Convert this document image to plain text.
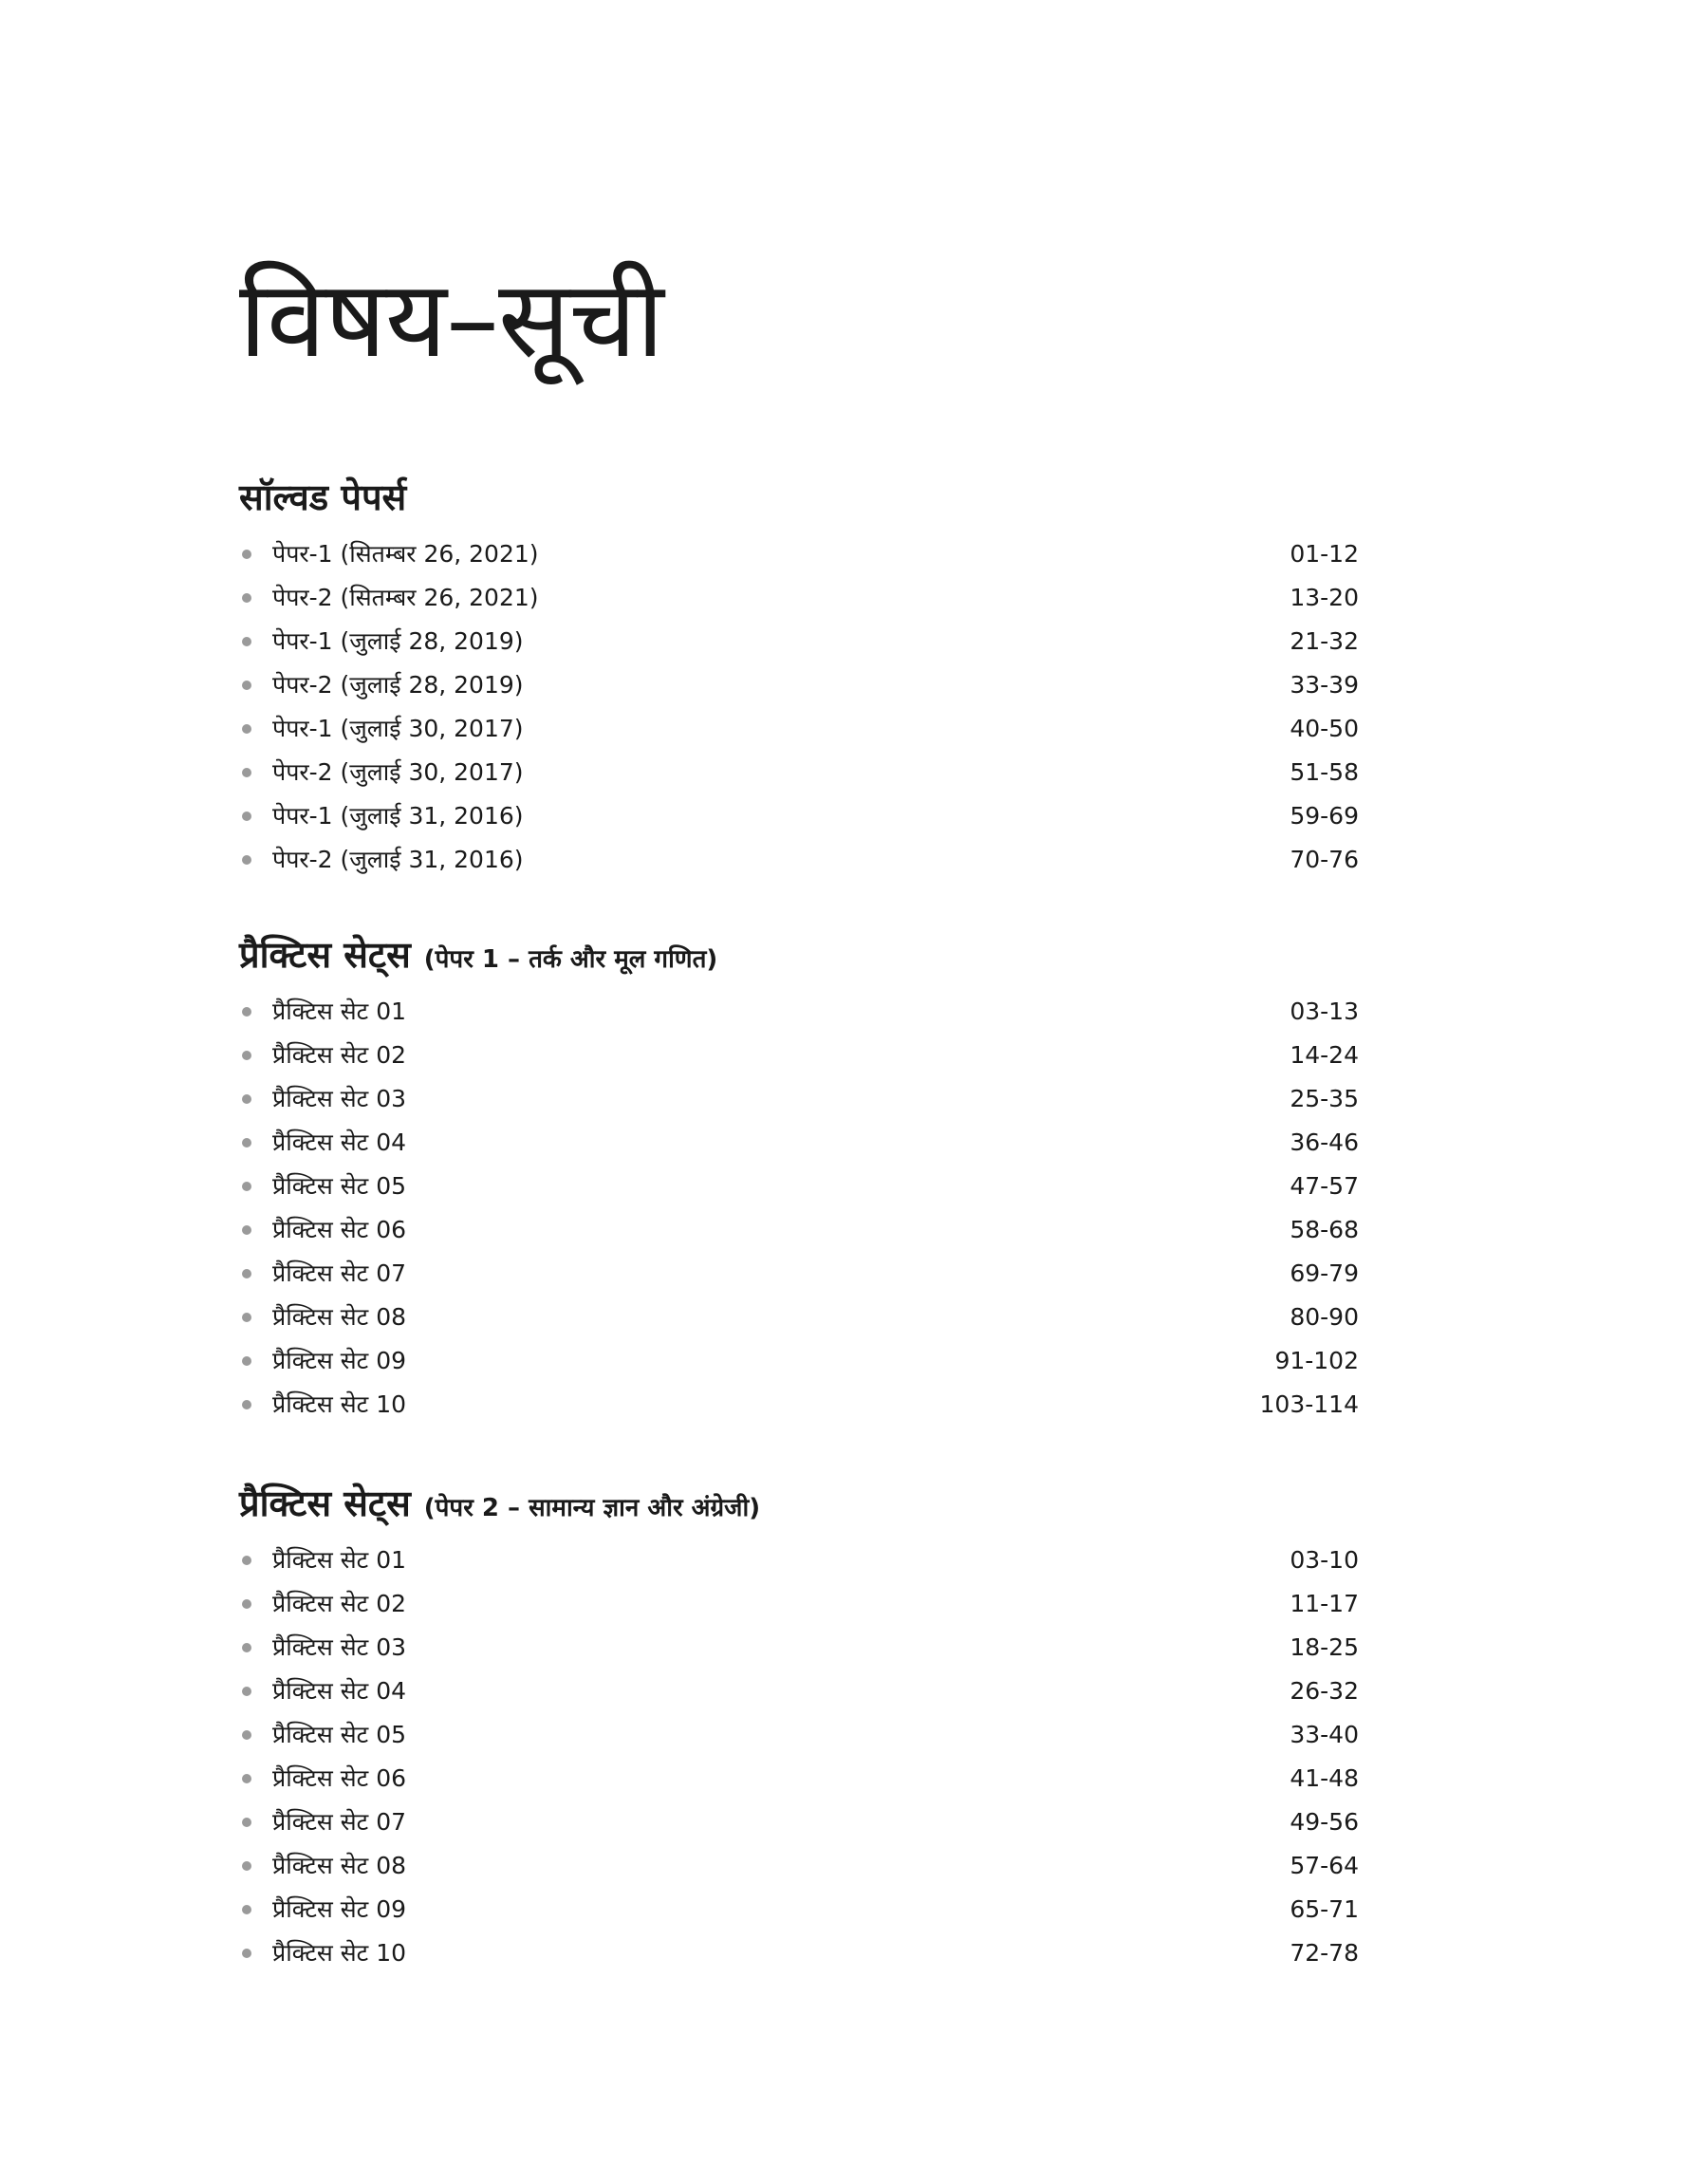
विषय–सूची
सॉल्वड पेपर्स
पेपर-1 (सितम्बर 26, 2021)	01-12
पेपर-2 (सितम्बर 26, 2021)	13-20
पेपर-1 (जुलाई 28, 2019)	21-32
पेपर-2 (जुलाई 28, 2019)	33-39
पेपर-1 (जुलाई 30, 2017)	40-50
पेपर-2 (जुलाई 30, 2017)	51-58
पेपर-1 (जुलाई 31, 2016)	59-69
पेपर-2 (जुलाई 31, 2016)	70-76
प्रैक्टिस सेट्स (पेपर 1 – तर्क और मूल गणित)
प्रैक्टिस सेट 01	03-13
प्रैक्टिस सेट 02	14-24
प्रैक्टिस सेट 03	25-35
प्रैक्टिस सेट 04	36-46
प्रैक्टिस सेट 05	47-57
प्रैक्टिस सेट 06	58-68
प्रैक्टिस सेट 07	69-79
प्रैक्टिस सेट 08	80-90
प्रैक्टिस सेट 09	91-102
प्रैक्टिस सेट 10	103-114
प्रैक्टिस सेट्स (पेपर 2 – सामान्य ज्ञान और अंग्रेजी)
प्रैक्टिस सेट 01	03-10
प्रैक्टिस सेट 02	11-17
प्रैक्टिस सेट 03	18-25
प्रैक्टिस सेट 04	26-32
प्रैक्टिस सेट 05	33-40
प्रैक्टिस सेट 06	41-48
प्रैक्टिस सेट 07	49-56
प्रैक्टिस सेट 08	57-64
प्रैक्टिस सेट 09	65-71
प्रैक्टिस सेट 10	72-78
